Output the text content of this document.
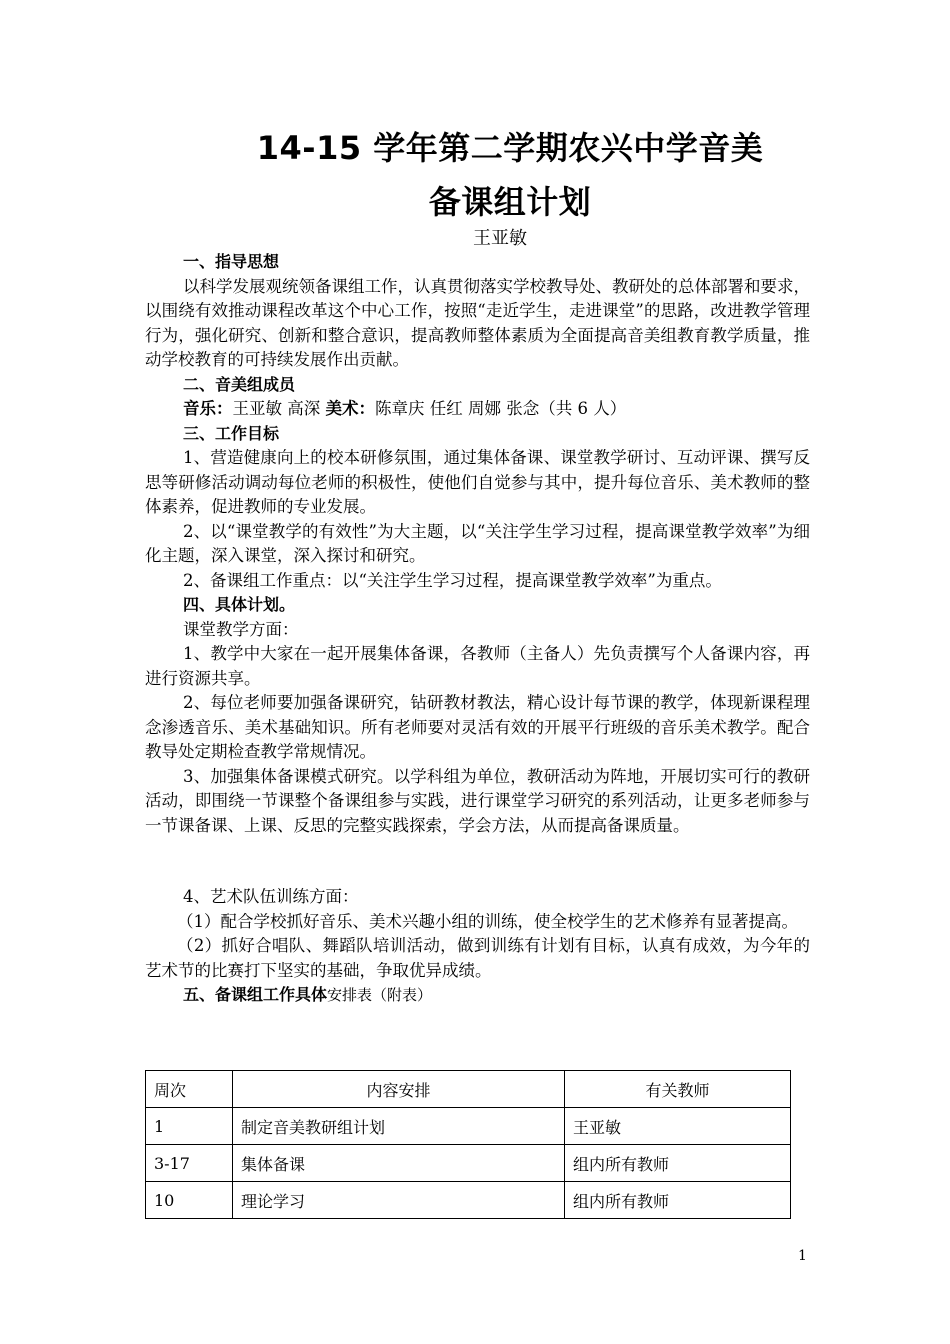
14-15 学年第二学期农兴中学音美
备课组计划
王亚敏
一、指导思想

以科学发展观统领备课组工作，认真贯彻落实学校教导处、教研处的总体部署和要求，以围绕有效推动课程改革这个中心工作，按照“走近学生，走进课堂”的思路，改进教学管理行为，强化研究、创新和整合意识，提高教师整体素质为全面提高音美组教育教学质量，推动学校教育的可持续发展作出贡献。

二、音美组成员

音乐：王亚敏 高深 美术：陈章庆 任红 周娜 张念（共 6 人）

三、工作目标

1、营造健康向上的校本研修氛围，通过集体备课、课堂教学研讨、互动评课、撰写反思等研修活动调动每位老师的积极性，使他们自觉参与其中，提升每位音乐、美术教师的整体素养，促进教师的专业发展。

2、以“课堂教学的有效性”为大主题，以“关注学生学习过程，提高课堂教学效率”为细化主题，深入课堂，深入探讨和研究。

2、备课组工作重点：以“关注学生学习过程，提高课堂教学效率”为重点。

四、具体计划。

课堂教学方面：

1、教学中大家在一起开展集体备课，各教师（主备人）先负责撰写个人备课内容，再进行资源共享。

2、每位老师要加强备课研究，钻研教材教法，精心设计每节课的教学，体现新课程理念渗透音乐、美术基础知识。所有老师要对灵活有效的开展平行班级的音乐美术教学。配合教导处定期检查教学常规情况。

3、加强集体备课模式研究。以学科组为单位，教研活动为阵地，开展切实可行的教研活动，即围绕一节课整个备课组参与实践，进行课堂学习研究的系列活动，让更多老师参与一节课备课、上课、反思的完整实践探索，学会方法，从而提高备课质量。

4、艺术队伍训练方面：

（1）配合学校抓好音乐、美术兴趣小组的训练，使全校学生的艺术修养有显著提高。

（2）抓好合唱队、舞蹈队培训活动，做到训练有计划有目标，认真有成效，为今年的艺术节的比赛打下坚实的基础，争取优异成绩。

五、备课组工作具体安排表（附表）
周次	内容安排	有关教师
1	制定音美教研组计划	王亚敏
3-17	集体备课	组内所有教师
10	理论学习	组内所有教师
1
